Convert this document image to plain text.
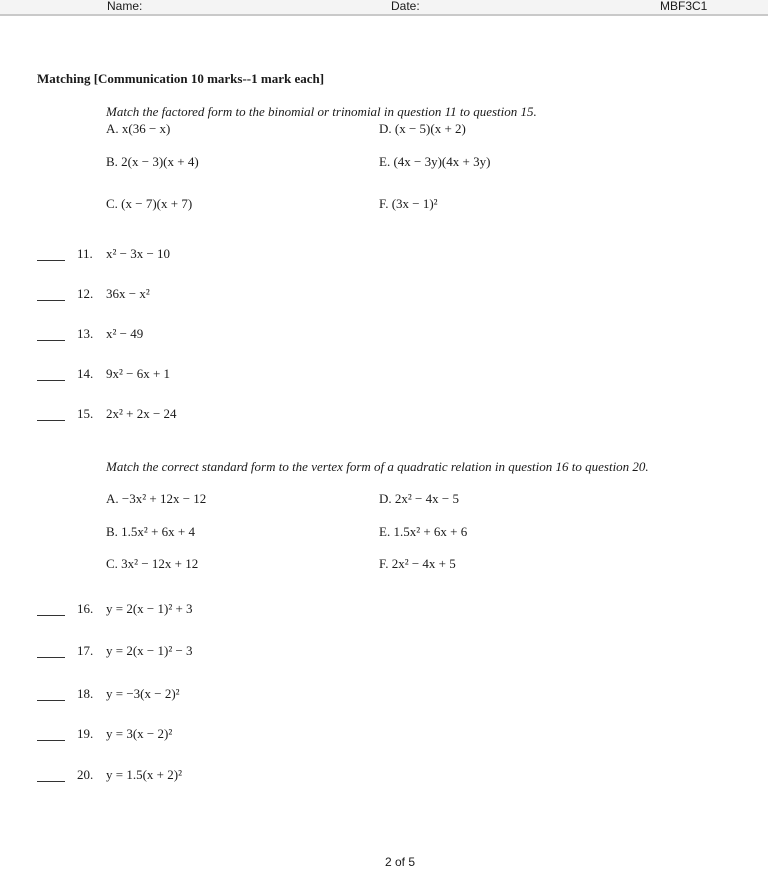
Name:	Date:	MBF3C1
Matching [Communication 10 marks--1 mark each]
Match the factored form to the binomial or trinomial in question 11 to question 15.
A. x(36 − x)	D. (x − 5)(x + 2)
B. 2(x − 3)(x + 4)	E. (4x − 3y)(4x + 3y)
C. (x − 7)(x + 7)	F. (3x − 1)²
11. x² − 3x − 10
12. 36x − x²
13. x² − 49
14. 9x² − 6x + 1
15. 2x² + 2x − 24
Match the correct standard form to the vertex form of a quadratic relation in question 16 to question 20.
A. −3x² + 12x − 12	D. 2x² − 4x − 5
B. 1.5x² + 6x + 4	E. 1.5x² + 6x + 6
C. 3x² − 12x + 12	F. 2x² − 4x + 5
16. y = 2(x − 1)² + 3
17. y = 2(x − 1)² − 3
18. y = −3(x − 2)²
19. y = 3(x − 2)²
20. y = 1.5(x + 2)²
2 of 5
